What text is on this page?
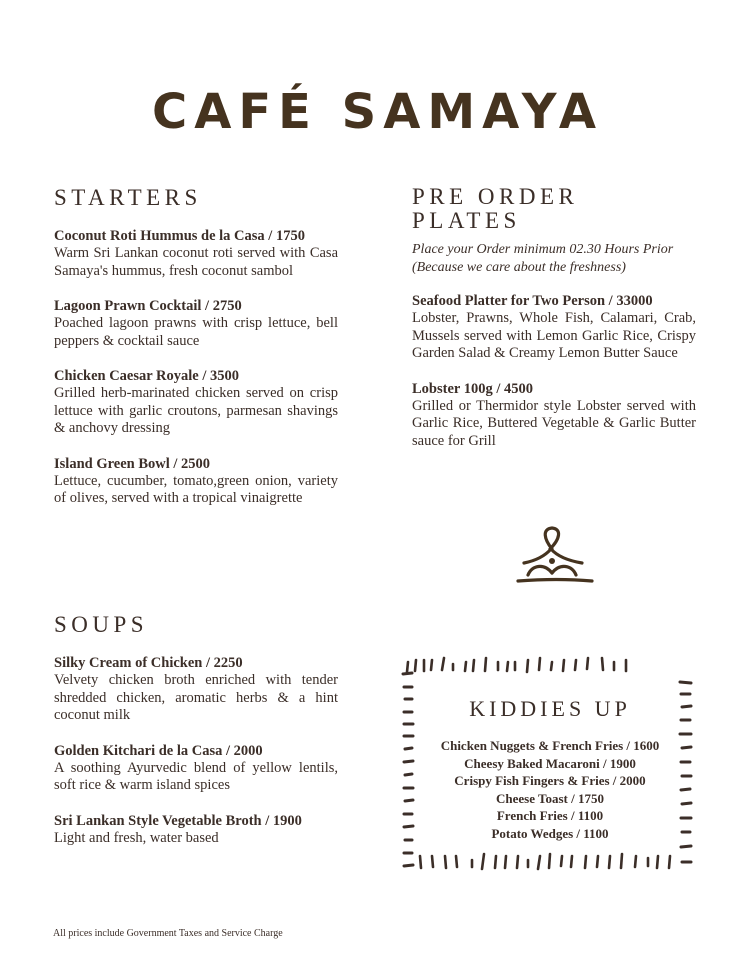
CAFÉ SAMAYA
STARTERS
Coconut Roti Hummus de la Casa / 1750
Warm Sri Lankan coconut roti served with Casa Samaya's hummus, fresh coconut sambol
Lagoon Prawn Cocktail / 2750
Poached lagoon prawns with crisp lettuce, bell peppers & cocktail sauce
Chicken Caesar Royale / 3500
Grilled herb-marinated chicken served on crisp lettuce with garlic croutons, parmesan shavings & anchovy dressing
Island Green Bowl / 2500
Lettuce, cucumber, tomato,green onion, variety of olives, served with a tropical vinaigrette
PRE ORDER
PLATES
Place your Order minimum 02.30 Hours Prior
(Because we care about the freshness)
Seafood Platter for Two Person / 33000
Lobster, Prawns, Whole Fish, Calamari, Crab, Mussels served with Lemon Garlic Rice, Crispy Garden Salad & Creamy Lemon Butter Sauce
Lobster 100g / 4500
Grilled or Thermidor style Lobster served with Garlic Rice, Buttered Vegetable & Garlic Butter sauce for Grill
SOUPS
Silky Cream of Chicken / 2250
Velvety chicken broth enriched with tender shredded chicken, aromatic herbs & a hint coconut milk
Golden Kitchari de la Casa / 2000
A soothing Ayurvedic blend of yellow lentils, soft rice & warm island spices
Sri Lankan Style Vegetable Broth / 1900
Light and fresh, water based
KIDDIES UP
Chicken Nuggets & French Fries / 1600
Cheesy Baked Macaroni / 1900
Crispy Fish Fingers & Fries / 2000
Cheese Toast / 1750
French Fries / 1100
Potato Wedges / 1100
All prices include Government Taxes and Service Charge
